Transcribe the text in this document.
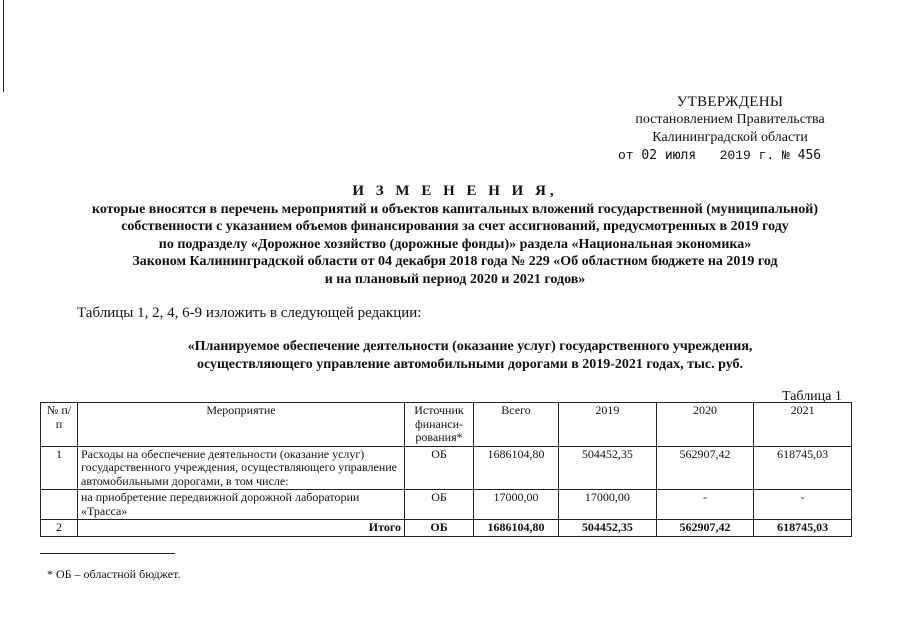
УТВЕРЖДЕНЫ
постановлением Правительства
Калининградской области
от 02 июля 2019 г. № 456
И З М Е Н Е Н И Я,
которые вносятся в перечень мероприятий и объектов капитальных вложений государственной (муниципальной)
собственности с указанием объемов финансирования за счет ассигнований, предусмотренных в 2019 году
по подразделу «Дорожное хозяйство (дорожные фонды)» раздела «Национальная экономика»
Законом Калининградской области от 04 декабря 2018 года № 229 «Об областном бюджете на 2019 год
и на плановый период 2020 и 2021 годов»
Таблицы 1, 2, 4, 6-9 изложить в следующей редакции:
«Планируемое обеспечение деятельности (оказание услуг) государственного учреждения,
осуществляющего управление автомобильными дорогами в 2019-2021 годах, тыс. руб.
Таблица 1
№ п/п	Мероприятие	Источник финанси-рования*	Всего	2019	2020	2021
1	Расходы на обеспечение деятельности (оказание услуг) государственного учреждения, осуществляющего управление автомобильными дорогами, в том числе:	ОБ	1686104,80	504452,35	562907,42	618745,03
	на приобретение передвижной дорожной лаборатории «Трасса»	ОБ	17000,00	17000,00	-	-
2	Итого	ОБ	1686104,80	504452,35	562907,42	618745,03
* ОБ – областной бюджет.
